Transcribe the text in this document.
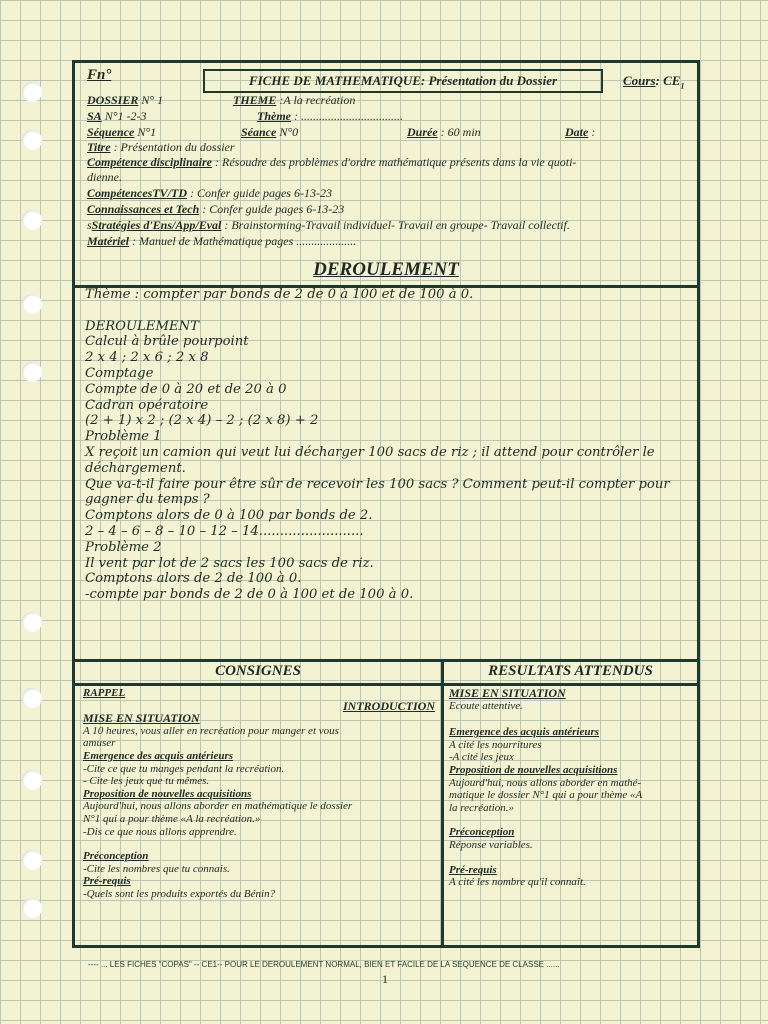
Fn°	FICHE DE MATHEMATIQUE: Présentation du Dossier	Cours: $CE_1$
DOSSIER N° 1	THEME :A la recréation
SA N°1 -2-3	Thème : ..................................
Séquence N°1	Séance N°0	Durée : 60 min	Date :
Titre : Présentation du dossier
Compétence disciplinaire : Résoudre des problèmes d'ordre mathématique présents dans la vie quoti-
dienne.
CompétencesTV/TD : Confer guide pages 6-13-23
Connaissances et Tech : Confer guide pages 6-13-23
sStratégies d'Ens/App/Eval : Brainstorming-Travail individuel- Travail en groupe- Travail collectif.
Matériel : Manuel de Mathématique pages ....................
DEROULEMENT
Thème : compter par bonds de 2 de 0 à 100 et de 100 à 0.
DEROULEMENT
Calcul à brûle pourpoint
2 x 4 ; 2 x 6 ; 2 x 8
Comptage
Compte de 0 à 20 et de 20 à 0
Cadran opératoire
(2 + 1) x 2 ; (2 x 4) – 2 ; (2 x 8) + 2
Problème 1
X reçoit un camion qui veut lui décharger 100 sacs de riz ; il attend pour contrôler le
déchargement.
Que va-t-il faire pour être sûr de recevoir les 100 sacs ? Comment peut-il compter pour
gagner du temps ?
Comptons alors de 0 à 100 par bonds de 2.
2 – 4 – 6 – 8 – 10 – 12 – 14.........................
Problème 2
Il vent par lot de 2 sacs les 100 sacs de riz.
Comptons alors de 2 de 100 à 0.
-compte par bonds de 2 de 0 à 100 et de 100 à 0.
CONSIGNES	RESULTATS ATTENDUS
RAPPEL
INTRODUCTION
MISE EN SITUATION
A 10 heures, vous aller en recréation pour manger et vous
amuser
Emergence des acquis antérieurs
-Cite ce que tu manges pendant la recréation.
- Cite les jeux que tu mêmes.
Proposition de nouvelles acquisitions
Aujourd'hui, nous allons aborder en mathématique le dossier
N°1 qui a pour thème «A la recréation.»
-Dis ce que nous allons apprendre.
Préconception
-Cite les nombres que tu connais.
Pré-requis
-Quels sont les produits exportés du Bénin?
MISE EN SITUATION
Ecoute attentive.
Emergence des acquis antérieurs
A cité les nourritures
-A cité les jeux
Proposition de nouvelles acquisitions
Aujourd'hui, nous allons aborder en mathé-
matique le dossier N°1 qui a pour thème «A
la recréation.»
Préconception
Réponse variables.
Pré-requis
A cité les nombre qu'il connaît.
---- ... LES FICHES "COPAS" -- CE1-- POUR LE DEROULEMENT NORMAL, BIEN ET FACILE DE LA SEQUENCE DE CLASSE ......
1
